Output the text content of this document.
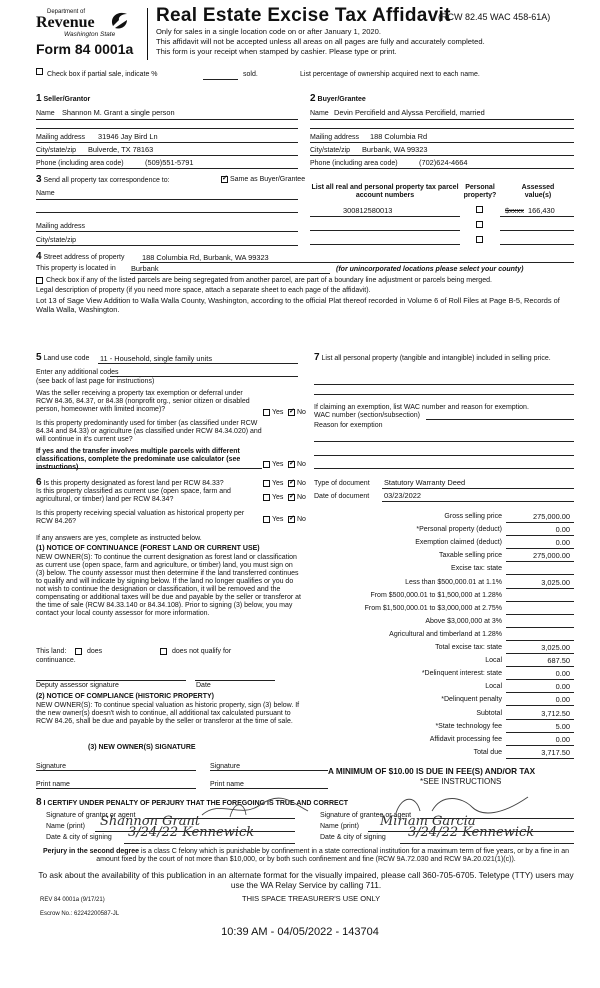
Department of
Revenue
Washington State
Form 84 0001a
Real Estate Excise Tax Affidavit
(RCW 82.45 WAC 458-61A)
Only for sales in a single location code on or after January 1, 2020.
This affidavit will not be accepted unless all areas on all pages are fully and accurately completed.
This form is your receipt when stamped by cashier. Please type or print.
Check box if partial sale, indicate %	sold.	List percentage of ownership acquired next to each name.
1 Seller/Grantor
Name Shannon M. Grant a single person
Mailing address 31946 Jay Bird Ln
City/state/zip Bulverde, TX 78163
Phone (including area code)	(509)551-5791
2 Buyer/Grantee
Name Devin Percifield and Alyssa Percifield, married
Mailing address 188 Columbia Rd
City/state/zip Burbank, WA 99323
Phone (including area code)	(702)624-4664
3 Send all property tax correspondence to: ✓	Same as Buyer/Grantee
Name
Mailing address
City/state/zip
List all real and personal property tax parcel account numbers
Personal property?
Assessed value(s)
300812580013	$xxxx 166,430
4 Street address of property 188 Columbia Rd, Burbank, WA 99323
This property is located in Burbank	(for unincorporated locations please select your county)
Check box if any of the listed parcels are being segregated from another parcel, are part of a boundary line adjustment or parcels being merged.
Legal description of property (if you need more space, attach a separate sheet to each page of the affidavit).
Lot 13 of Sage View Addition to Walla Walla County, Washington, according to the official Plat thereof recorded in Volume 6 of Roll Files at Page B-5, Records of Walla Walla, Washington.
5 Land use code 11 - Household, single family units
Enter any additional codes
(see back of last page for instructions)
Was the seller receiving a property tax exemption or deferral under RCW 84.36, 84.37, or 84.38 (nonprofit org., senior citizen or disabled person, homeowner with limited income)?	Yes ✓ No
Is this property predominantly used for timber (as classified under RCW 84.34 and 84.33) or agriculture (as classified under RCW 84.34.020) and will continue in it's current use?
If yes and the transfer involves multiple parcels with different classifications, complete the predominate use calculator (see instructions)	Yes ✓ No
7 List all personal property (tangible and intangible) included in selling price.
If claiming an exemption, list WAC number and reason for exemption.
WAC number (section/subsection)
Reason for exemption
6 Is this property designated as forest land per RCW 84.33?	Yes ✓ No
Is this property classified as current use (open space, farm and agricultural, or timber) land per RCW 84.34?	Yes ✓ No
Is this property receiving special valuation as historical property per RCW 84.26?	Yes ✓ No
Type of document Statutory Warranty Deed
Date of document 03/23/2022
If any answers are yes, complete as instructed below.
(1) NOTICE OF CONTINUANCE (FOREST LAND OR CURRENT USE)
NEW OWNER(S): To continue the current designation as forest land or classification as current use (open space, farm and agriculture, or timber) land, you must sign on (3) below. The county assessor must then determine if the land transferred continues to qualify and will indicate by signing below. If the land no longer qualifies or you do not wish to continue the designation or classification, it will be removed and the compensating or additional taxes will be due and payable by the seller or transferor at the time of sale (RCW 84.33.140 or 84.34.108). Prior to signing (3) below, you may contact your local county assessor for more information.
This land:	does	does not qualify for
continuance.
Deputy assessor signature	Date
(2) NOTICE OF COMPLIANCE (HISTORIC PROPERTY)
NEW OWNER(S): To continue special valuation as historic property, sign (3) below. If the new owner(s) doesn't wish to continue, all additional tax calculated pursuant to RCW 84.26, shall be due and payable by the seller or transferor at the time of sale.
(3) NEW OWNER(S) SIGNATURE
Signature	Signature
Print name	Print name
Gross selling price	275,000.00
*Personal property (deduct)	0.00
Exemption claimed (deduct)	0.00
Taxable selling price	275,000.00
Excise tax: state
Less than $500,000.01 at 1.1%	3,025.00
From $500,000.01 to $1,500,000 at 1.28%
From $1,500,000.01 to $3,000,000 at 2.75%
Above $3,000,000 at 3%
Agricultural and timberland at 1.28%
Total excise tax: state	3,025.00
Local	687.50
*Delinquent interest: state	0.00
Local	0.00
*Delinquent penalty	0.00
Subtotal	3,712.50
*State technology fee	5.00
Affidavit processing fee	0.00
Total due	3,717.50
A MINIMUM OF $10.00 IS DUE IN FEE(S) AND/OR TAX
*SEE INSTRUCTIONS
8 I CERTIFY UNDER PENALTY OF PERJURY THAT THE FOREGOING IS TRUE AND CORRECT
Signature of grantor or agent
Name (print) Shannon Grant
Date & city of signing 3/24/22 Kennewick
Signature of grantee or agent
Name (print) Miriam Garcia
Date & city of signing 3/24/22 Kennewick
Perjury in the second degree is a class C felony which is punishable by confinement in a state correctional institution for a maximum term of five years, or by a fine in an amount fixed by the court of not more than $10,000, or by both such confinement and fine (RCW 9A.72.030 and RCW 9A.20.021(1)(c)).
To ask about the availability of this publication in an alternate format for the visually impaired, please call 360-705-6705. Teletype (TTY) users may use the WA Relay Service by calling 711.
REV 84 0001a (9/17/21)	THIS SPACE TREASURER'S USE ONLY
Escrow No.: 62242200587-JL
10:39 AM - 04/05/2022 - 143704
